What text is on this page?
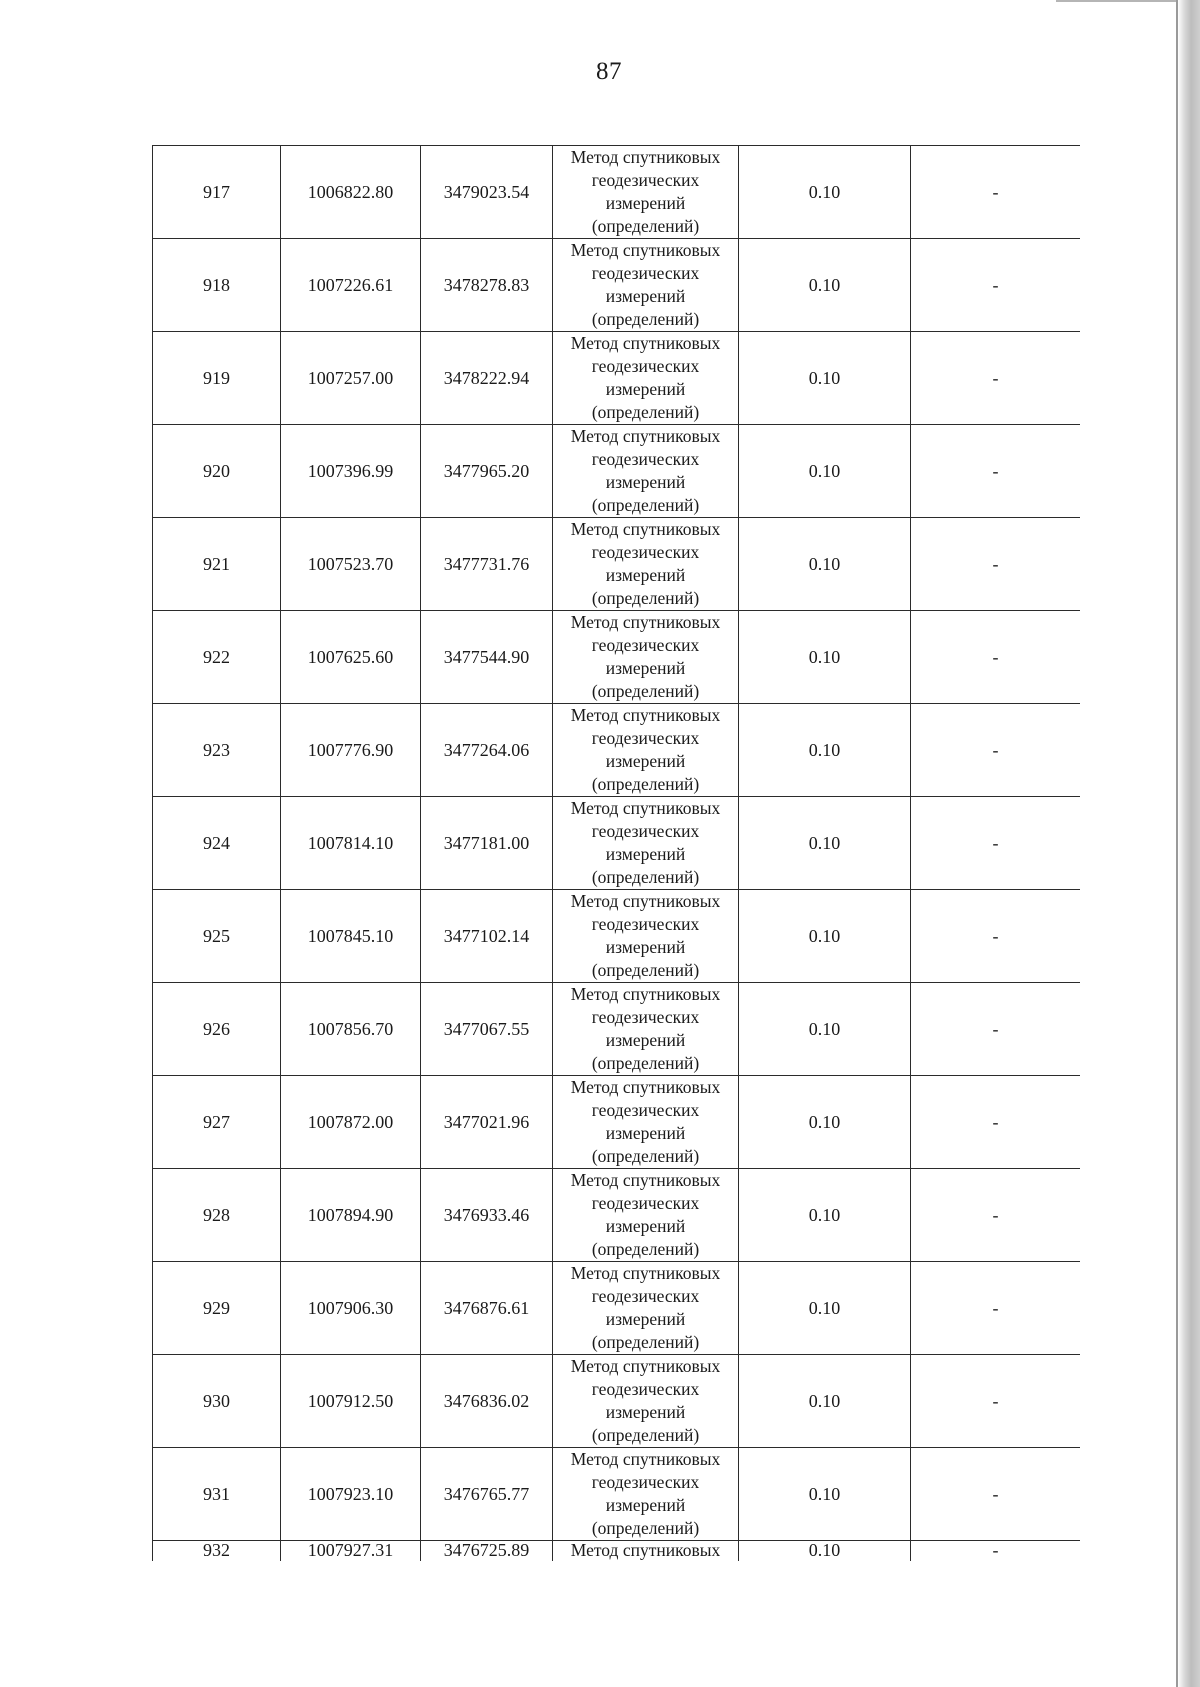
87
917	1006822.80	3479023.54	Метод спутниковых
геодезических
измерений
(определений)	0.10	-
918	1007226.61	3478278.83	Метод спутниковых
геодезических
измерений
(определений)	0.10	-
919	1007257.00	3478222.94	Метод спутниковых
геодезических
измерений
(определений)	0.10	-
920	1007396.99	3477965.20	Метод спутниковых
геодезических
измерений
(определений)	0.10	-
921	1007523.70	3477731.76	Метод спутниковых
геодезических
измерений
(определений)	0.10	-
922	1007625.60	3477544.90	Метод спутниковых
геодезических
измерений
(определений)	0.10	-
923	1007776.90	3477264.06	Метод спутниковых
геодезических
измерений
(определений)	0.10	-
924	1007814.10	3477181.00	Метод спутниковых
геодезических
измерений
(определений)	0.10	-
925	1007845.10	3477102.14	Метод спутниковых
геодезических
измерений
(определений)	0.10	-
926	1007856.70	3477067.55	Метод спутниковых
геодезических
измерений
(определений)	0.10	-
927	1007872.00	3477021.96	Метод спутниковых
геодезических
измерений
(определений)	0.10	-
928	1007894.90	3476933.46	Метод спутниковых
геодезических
измерений
(определений)	0.10	-
929	1007906.30	3476876.61	Метод спутниковых
геодезических
измерений
(определений)	0.10	-
930	1007912.50	3476836.02	Метод спутниковых
геодезических
измерений
(определений)	0.10	-
931	1007923.10	3476765.77	Метод спутниковых
геодезических
измерений
(определений)	0.10	-
932	1007927.31	3476725.89	Метод спутниковых	0.10	-
